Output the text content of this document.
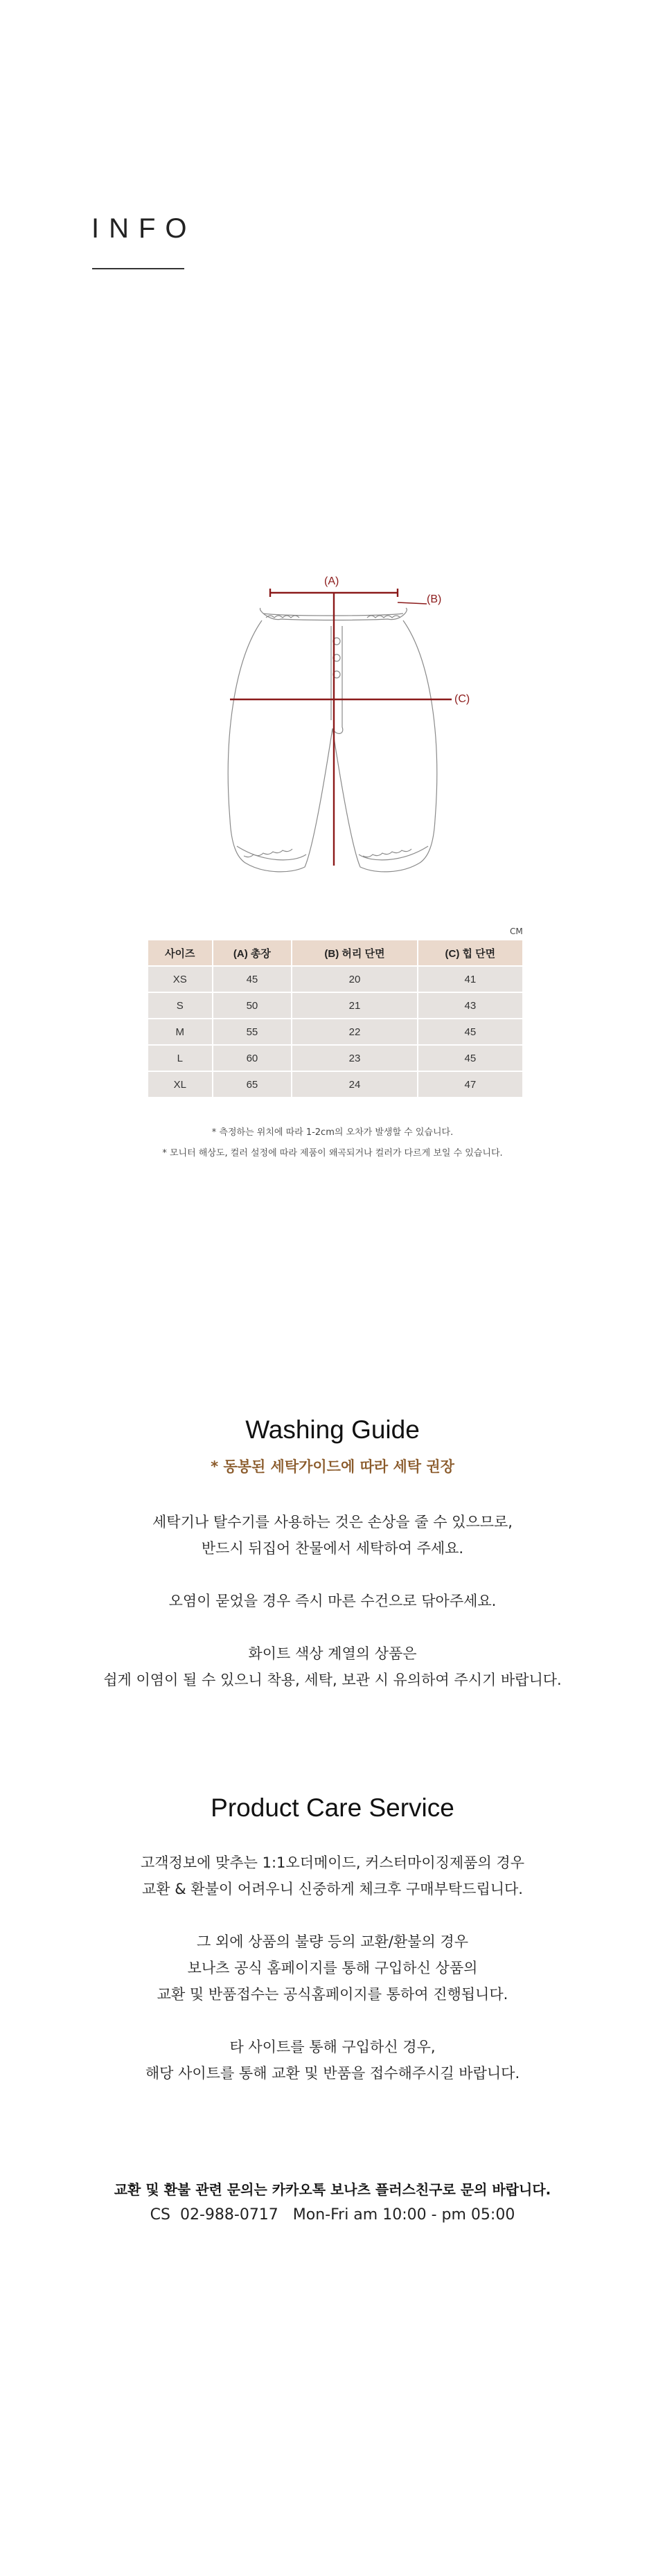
INFO
(A)
(B)
(C)
CM
사이즈	(A) 총장	(B) 허리 단면	(C) 힙 단면
XS	45	20	41
S	50	21	43
M	55	22	45
L	60	23	45
XL	65	24	47
* 측정하는 위치에 따라 1-2cm의 오차가 발생할 수 있습니다.
* 모니터 해상도, 컬러 설정에 따라 제품이 왜곡되거나 컬러가 다르게 보일 수 있습니다.
Washing Guide
* 동봉된 세탁가이드에 따라 세탁 권장
세탁기나 탈수기를 사용하는 것은 손상을 줄 수 있으므로,
반드시 뒤집어 찬물에서 세탁하여 주세요.
오염이 묻었을 경우 즉시 마른 수건으로 닦아주세요.
화이트 색상 계열의 상품은
쉽게 이염이 될 수 있으니 착용, 세탁, 보관 시 유의하여 주시기 바랍니다.
Product Care Service
고객정보에 맞추는 1:1오더메이드, 커스터마이징제품의 경우
교환 & 환불이 어려우니 신중하게 체크후 구매부탁드립니다.
그 외에 상품의 불량 등의 교환/환불의 경우
보나츠 공식 홈페이지를 통해 구입하신 상품의
교환 및 반품접수는 공식홈페이지를 통하여 진행됩니다.
타 사이트를 통해 구입하신 경우,
해당 사이트를 통해 교환 및 반품을 접수해주시길 바랍니다.
교환 및 환불 관련 문의는 카카오톡 보나츠 플러스친구로 문의 바랍니다.
CS  02-988-0717   Mon-Fri am 10:00 - pm 05:00
